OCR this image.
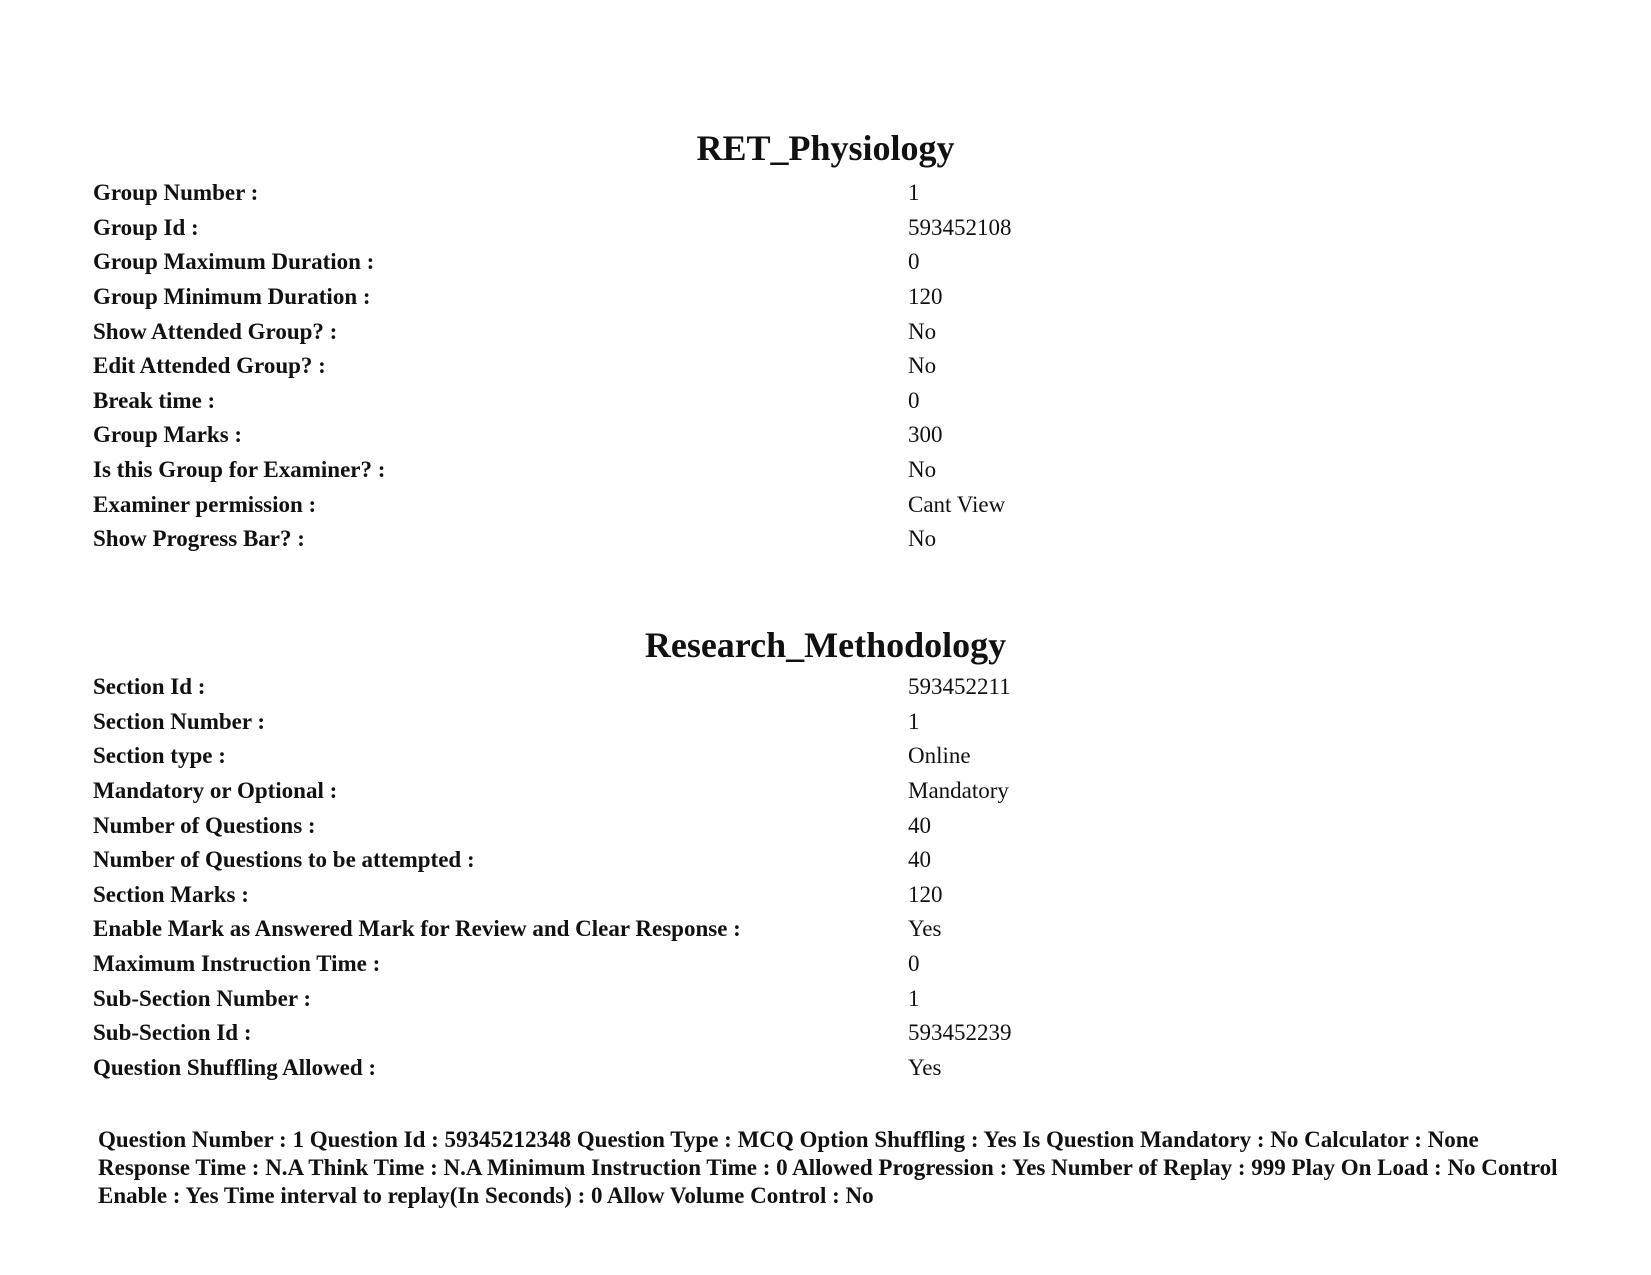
RET_Physiology
Group Number :	1
Group Id :	593452108
Group Maximum Duration :	0
Group Minimum Duration :	120
Show Attended Group? :	No
Edit Attended Group? :	No
Break time :	0
Group Marks :	300
Is this Group for Examiner? :	No
Examiner permission :	Cant View
Show Progress Bar? :	No
Research_Methodology
Section Id :	593452211
Section Number :	1
Section type :	Online
Mandatory or Optional :	Mandatory
Number of Questions :	40
Number of Questions to be attempted :	40
Section Marks :	120
Enable Mark as Answered Mark for Review and Clear Response :	Yes
Maximum Instruction Time :	0
Sub-Section Number :	1
Sub-Section Id :	593452239
Question Shuffling Allowed :	Yes

Question Number : 1 Question Id : 59345212348 Question Type : MCQ Option Shuffling : Yes Is Question Mandatory : No Calculator : None Response Time : N.A Think Time : N.A Minimum Instruction Time : 0 Allowed Progression : Yes Number of Replay : 999 Play On Load : No Control Enable : Yes Time interval to replay(In Seconds) : 0 Allow Volume Control : No
